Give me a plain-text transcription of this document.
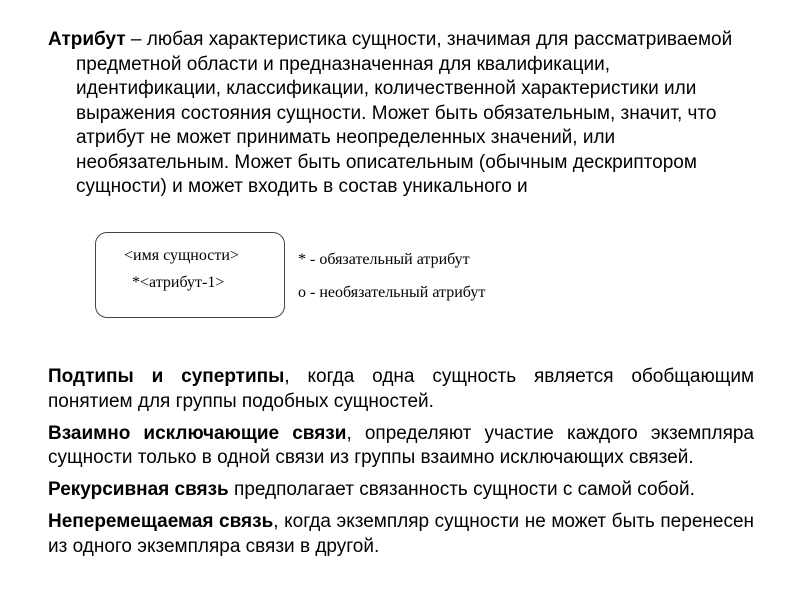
Атрибут – любая характеристика сущности, значимая для рассматриваемой предметной области и предназначенная для квалификации, идентификации, классификации, количественной характеристики или выражения состояния сущности. Может быть обязательным, значит, что атрибут не может принимать неопределенных значений, или необязательным. Может быть описательным (обычным дескриптором сущности) и может входить в состав уникального и

<имя сущности>
*<атрибут-1>
* - обязательный атрибут
о - необязательный атрибут

Подтипы и супертипы, когда одна сущность является обобщающим понятием для группы подобных сущностей.

Взаимно исключающие связи, определяют участие каждого экземпляра сущности только в одной связи из группы взаимно исключающих связей.

Рекурсивная связь предполагает связанность сущности с самой собой.

Неперемещаемая связь, когда экземпляр сущности не может быть перенесен из одного экземпляра связи в другой.
